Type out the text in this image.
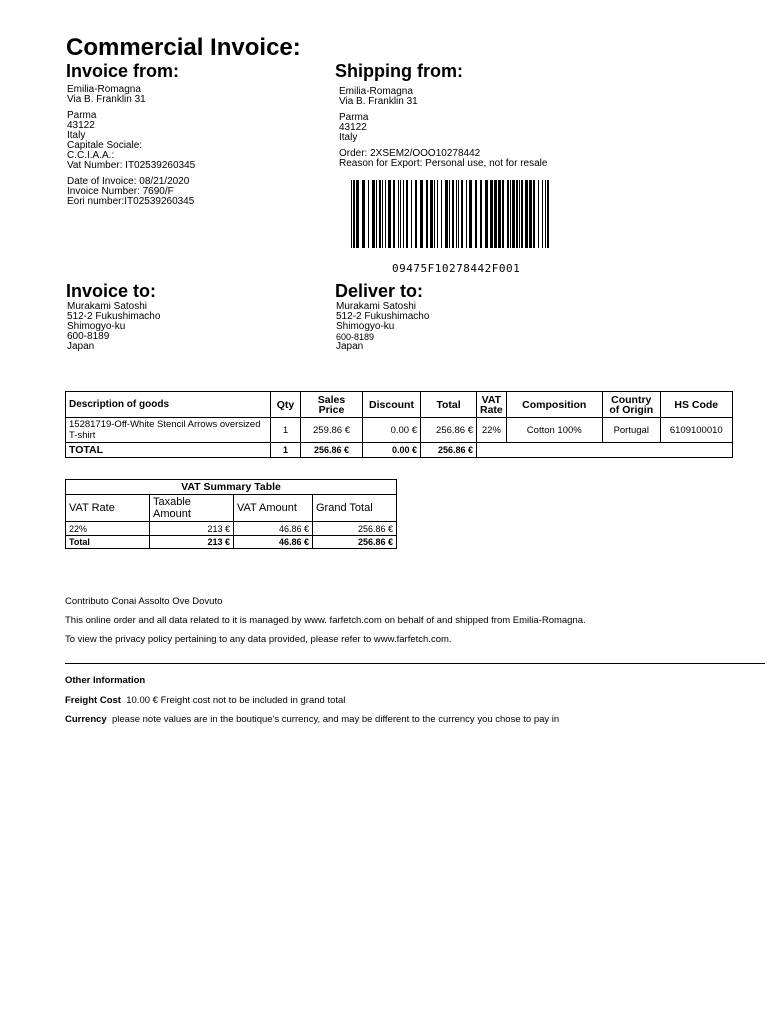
Commercial Invoice:
Invoice from:
Emilia-Romagna
Via B. Franklin 31
Parma
43122
Italy
Capitale Sociale:
C.C.I.A.A.:
Vat Number: IT02539260345
Date of Invoice: 08/21/2020
Invoice Number: 7690/F
Eori number:IT02539260345
Shipping from:
Emilia-Romagna
Via B. Franklin 31
Parma
43122
Italy
Order: 2XSEM2/OOO10278442
Reason for Export: Personal use, not for resale
09475F10278442F001
Invoice to:
Murakami Satoshi
512-2 Fukushimacho
Shimogyo-ku
600-8189
Japan
Deliver to:
Murakami Satoshi
512-2 Fukushimacho
Shimogyo-ku
600-8189
Japan
Description of goods	Qty	Sales Price	Discount	Total	VAT Rate	Composition	Country of Origin	HS Code
15281719-Off-White Stencil Arrows oversized T-shirt	1	259.86 €	0.00 €	256.86 €	22%	Cotton 100%	Portugal	6109100010
TOTAL	1	256.86 €	0.00 €	256.86 €				
VAT Summary Table			
VAT Rate	Taxable Amount	VAT Amount	Grand Total
22%	213 €	46.86 €	256.86 €
Total	213 €	46.86 €	256.86 €
Contributo Conai Assolto Ove Dovuto
This online order and all data related to it is managed by www. farfetch.com on behalf of and shipped from Emilia-Romagna.
To view the privacy policy pertaining to any data provided, please refer to www.farfetch.com.
Other Information
Freight Cost 10.00 € Freight cost not to be included in grand total
Currency please note values are in the boutique's currency, and may be different to the currency you chose to pay in
